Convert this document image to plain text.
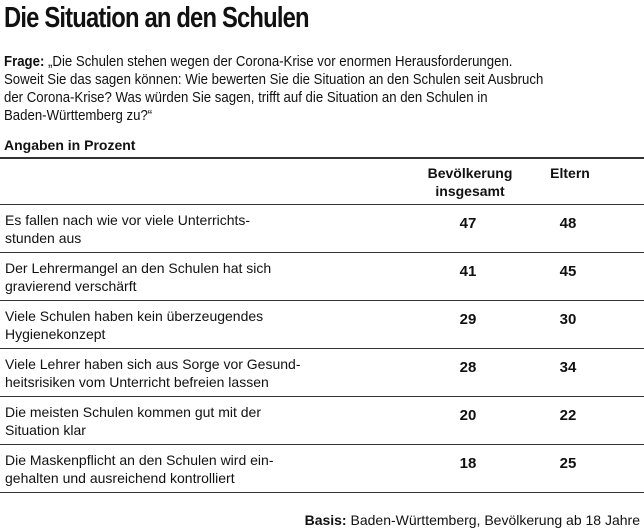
Die Situation an den Schulen
Frage: „Die Schulen stehen wegen der Corona-Krise vor enormen Herausforderungen.
Soweit Sie das sagen können: Wie bewerten Sie die Situation an den Schulen seit Ausbruch
der Corona-Krise? Was würden Sie sagen, trifft auf die Situation an den Schulen in
Baden-Württemberg zu?“
Angaben in Prozent
Bevölkerung
insgesamt
Eltern
Es fallen nach wie vor viele Unterrichts-
stunden aus
47	48
Der Lehrermangel an den Schulen hat sich
gravierend verschärft
41	45
Viele Schulen haben kein überzeugendes
Hygienekonzept
29	30
Viele Lehrer haben sich aus Sorge vor Gesund-
heitsrisiken vom Unterricht befreien lassen
28	34
Die meisten Schulen kommen gut mit der
Situation klar
20	22
Die Maskenpflicht an den Schulen wird ein-
gehalten und ausreichend kontrolliert
18	25
Basis: Baden-Württemberg, Bevölkerung ab 18 Jahre
